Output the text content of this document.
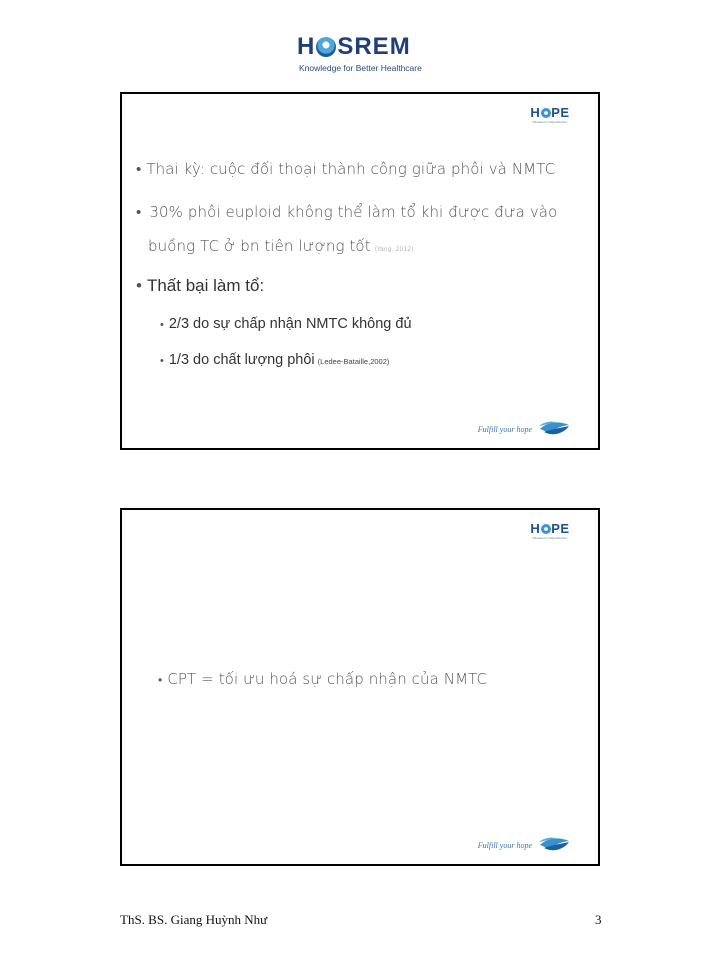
H SREM
Knowledge for Better Healthcare
H PE
Research in Reproduction
• Thai kỳ: cuộc đối thoại thành công giữa phôi và NMTC
• 30% phôi euploid không thể làm tổ khi được đưa vào
buồng TC ở bn tiên lượng tốt (Yang, 2012)
• Thất bại làm tổ:
• 2/3 do sự chấp nhận NMTC không đủ
• 1/3 do chất lượng phôi (Ledee-Bataille,2002)
Fulfill your hope
H PE
Research in Reproduction
• CPT = tối ưu hoá sự chấp nhận của NMTC
Fulfill your hope
ThS. BS. Giang Huỳnh Như	3
